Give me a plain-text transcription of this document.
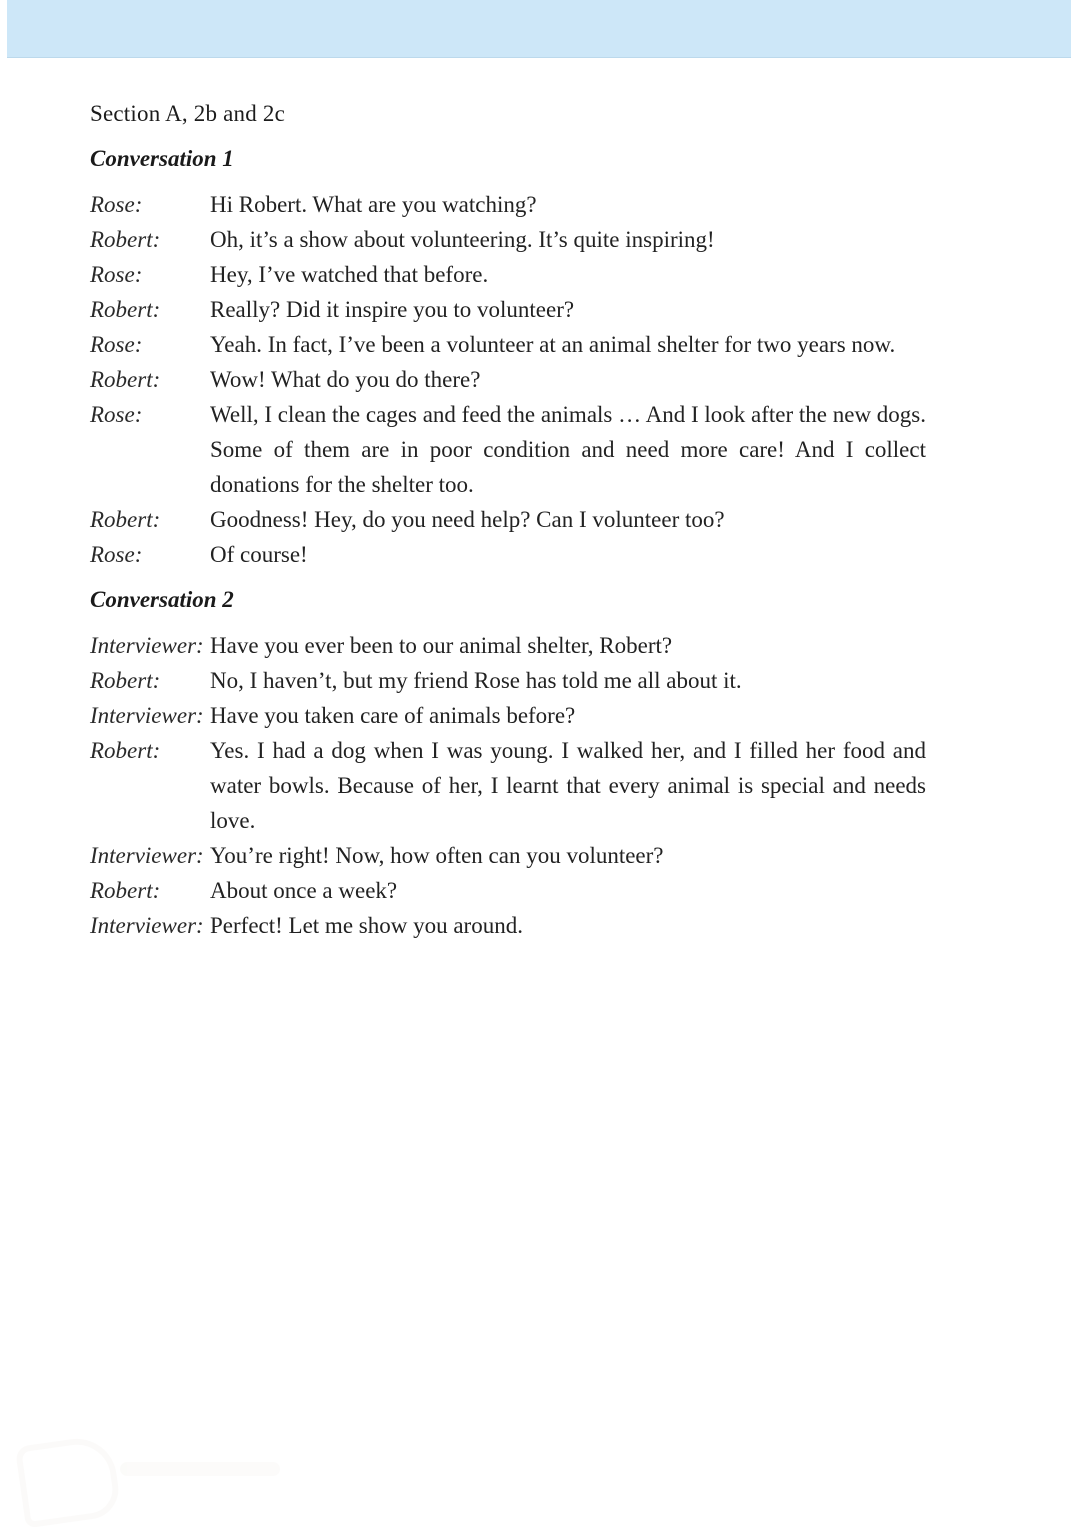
Section A, 2b and 2c
Conversation 1
Rose:	Hi Robert. What are you watching?
Robert:	Oh, it’s a show about volunteering. It’s quite inspiring!
Rose:	Hey, I’ve watched that before.
Robert:	Really? Did it inspire you to volunteer?
Rose:	Yeah. In fact, I’ve been a volunteer at an animal shelter for two years now.
Robert:	Wow! What do you do there?
Rose:	Well, I clean the cages and feed the animals … And I look after the new dogs. Some of them are in poor condition and need more care! And I collect donations for the shelter too.
Robert:	Goodness! Hey, do you need help? Can I volunteer too?
Rose:	Of course!
Conversation 2
Interviewer: Have you ever been to our animal shelter, Robert?
Robert:	No, I haven’t, but my friend Rose has told me all about it.
Interviewer: Have you taken care of animals before?
Robert:	Yes. I had a dog when I was young. I walked her, and I filled her food and water bowls. Because of her, I learnt that every animal is special and needs love.
Interviewer: You’re right! Now, how often can you volunteer?
Robert:	About once a week?
Interviewer: Perfect! Let me show you around.
